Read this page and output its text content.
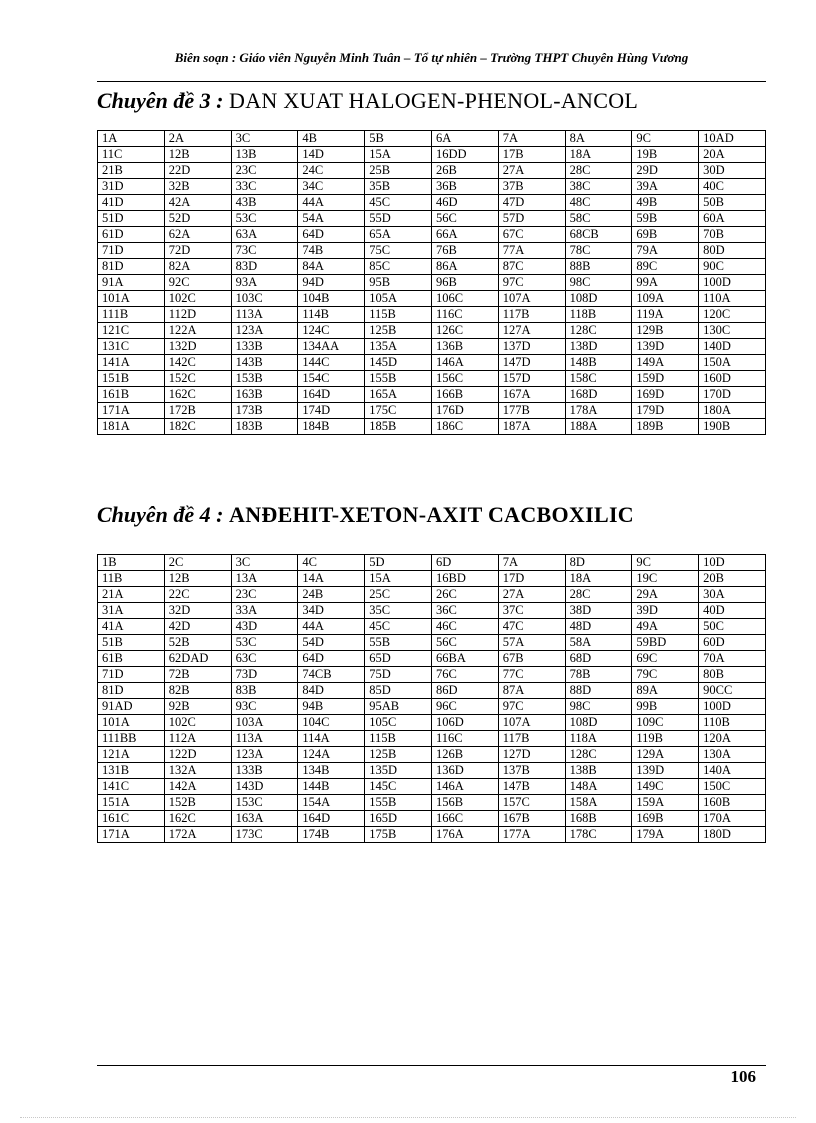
Biên soạn : Giáo viên Nguyễn Minh Tuân – Tổ tự nhiên – Trường THPT Chuyên Hùng Vương
Chuyên đề 3 : DAN XUAT HALOGEN-PHENOL-ANCOL
1A	2A	3C	4B	5B	6A	7A	8A	9C	10AD
11C	12B	13B	14D	15A	16DD	17B	18A	19B	20A
21B	22D	23C	24C	25B	26B	27A	28C	29D	30D
31D	32B	33C	34C	35B	36B	37B	38C	39A	40C
41D	42A	43B	44A	45C	46D	47D	48C	49B	50B
51D	52D	53C	54A	55D	56C	57D	58C	59B	60A
61D	62A	63A	64D	65A	66A	67C	68CB	69B	70B
71D	72D	73C	74B	75C	76B	77A	78C	79A	80D
81D	82A	83D	84A	85C	86A	87C	88B	89C	90C
91A	92C	93A	94D	95B	96B	97C	98C	99A	100D
101A	102C	103C	104B	105A	106C	107A	108D	109A	110A
111B	112D	113A	114B	115B	116C	117B	118B	119A	120C
121C	122A	123A	124C	125B	126C	127A	128C	129B	130C
131C	132D	133B	134AA	135A	136B	137D	138D	139D	140D
141A	142C	143B	144C	145D	146A	147D	148B	149A	150A
151B	152C	153B	154C	155B	156C	157D	158C	159D	160D
161B	162C	163B	164D	165A	166B	167A	168D	169D	170D
171A	172B	173B	174D	175C	176D	177B	178A	179D	180A
181A	182C	183B	184B	185B	186C	187A	188A	189B	190B
Chuyên đề 4 : ANĐEHIT-XETON-AXIT CACBOXILIC
1B	2C	3C	4C	5D	6D	7A	8D	9C	10D
11B	12B	13A	14A	15A	16BD	17D	18A	19C	20B
21A	22C	23C	24B	25C	26C	27A	28C	29A	30A
31A	32D	33A	34D	35C	36C	37C	38D	39D	40D
41A	42D	43D	44A	45C	46C	47C	48D	49A	50C
51B	52B	53C	54D	55B	56C	57A	58A	59BD	60D
61B	62DAD	63C	64D	65D	66BA	67B	68D	69C	70A
71D	72B	73D	74CB	75D	76C	77C	78B	79C	80B
81D	82B	83B	84D	85D	86D	87A	88D	89A	90CC
91AD	92B	93C	94B	95AB	96C	97C	98C	99B	100D
101A	102C	103A	104C	105C	106D	107A	108D	109C	110B
111BB	112A	113A	114A	115B	116C	117B	118A	119B	120A
121A	122D	123A	124A	125B	126B	127D	128C	129A	130A
131B	132A	133B	134B	135D	136D	137B	138B	139D	140A
141C	142A	143D	144B	145C	146A	147B	148A	149C	150C
151A	152B	153C	154A	155B	156B	157C	158A	159A	160B
161C	162C	163A	164D	165D	166C	167B	168B	169B	170A
171A	172A	173C	174B	175B	176A	177A	178C	179A	180D
106
